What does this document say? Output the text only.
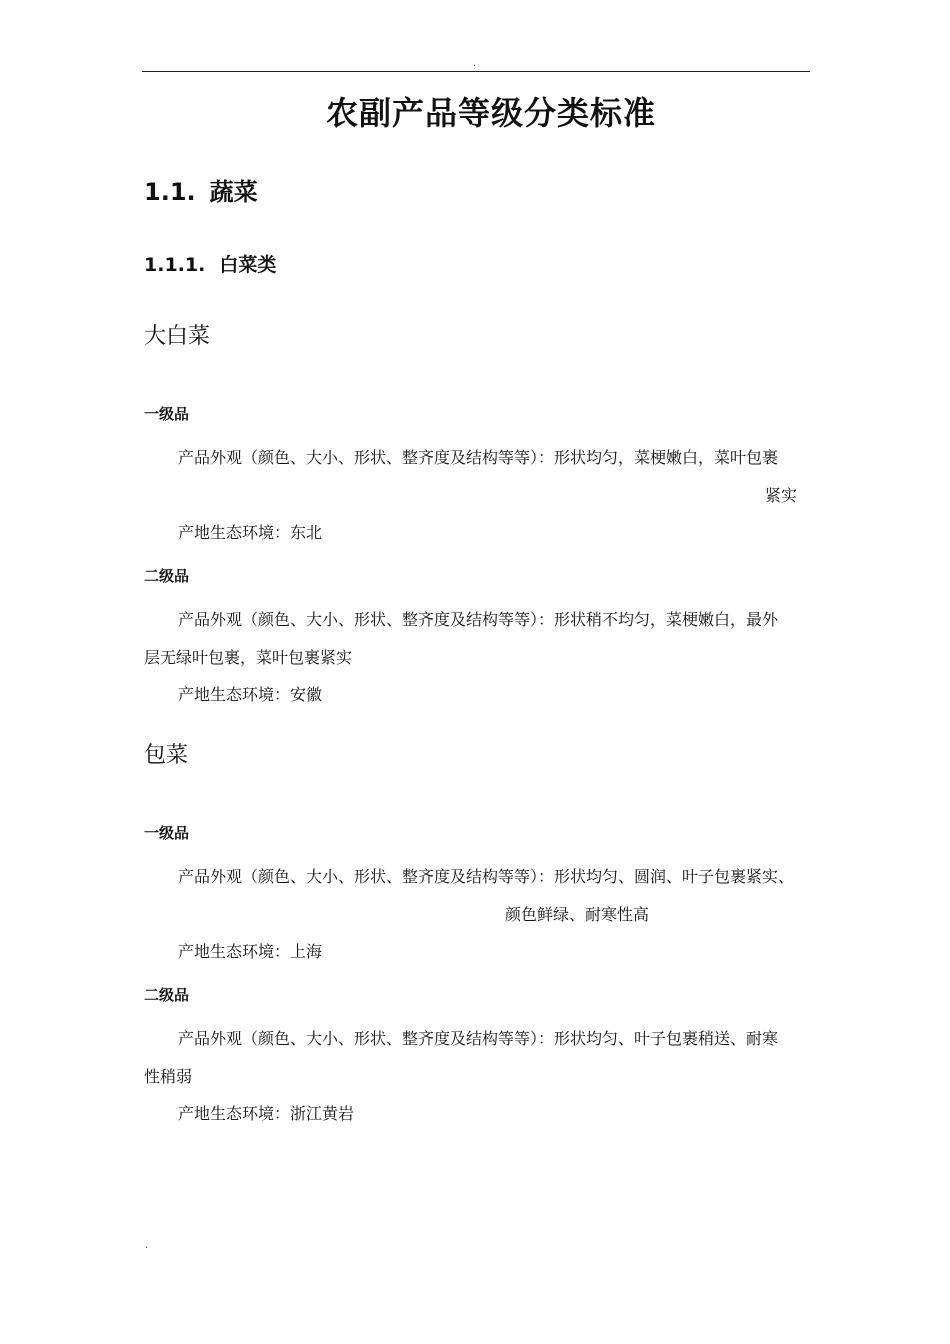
.
农副产品等级分类标准
1.1. 蔬菜
1.1.1. 白菜类
大白菜
一级品
产品外观（颜色、大小、形状、整齐度及结构等等）：形状均匀，菜梗嫩白，菜叶包裹
紧实
产地生态环境：东北
二级品
产品外观（颜色、大小、形状、整齐度及结构等等）：形状稍不均匀，菜梗嫩白，最外
层无绿叶包裹，菜叶包裹紧实
产地生态环境：安徽
包菜
一级品
产品外观（颜色、大小、形状、整齐度及结构等等）：形状均匀、圆润、叶子包裹紧实、
颜色鲜绿、耐寒性高
产地生态环境：上海
二级品
产品外观（颜色、大小、形状、整齐度及结构等等）：形状均匀、叶子包裹稍送、耐寒
性稍弱
产地生态环境：浙江黄岩
.
